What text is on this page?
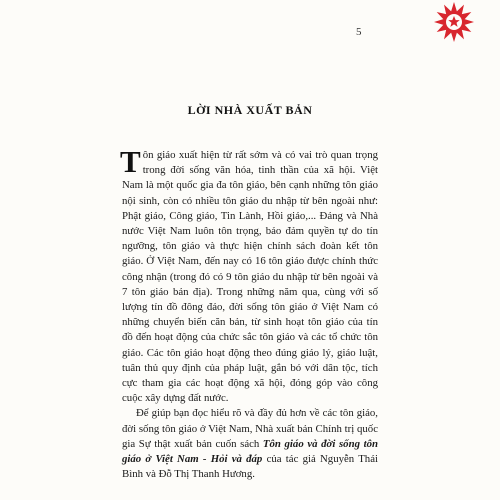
5
LỜI NHÀ XUẤT BẢN

Tôn giáo xuất hiện từ rất sớm và có vai trò quan trọng trong đời sống văn hóa, tinh thần của xã hội. Việt Nam là một quốc gia đa tôn giáo, bên cạnh những tôn giáo nội sinh, còn có nhiều tôn giáo du nhập từ bên ngoài như: Phật giáo, Công giáo, Tin Lành, Hồi giáo,... Đảng và Nhà nước Việt Nam luôn tôn trọng, bảo đảm quyền tự do tín ngưỡng, tôn giáo và thực hiện chính sách đoàn kết tôn giáo. Ở Việt Nam, đến nay có 16 tôn giáo được chính thức công nhận (trong đó có 9 tôn giáo du nhập từ bên ngoài và 7 tôn giáo bản địa). Trong những năm qua, cùng với số lượng tín đồ đông đảo, đời sống tôn giáo ở Việt Nam có những chuyển biến căn bản, từ sinh hoạt tôn giáo của tín đồ đến hoạt động của chức sắc tôn giáo và các tổ chức tôn giáo. Các tôn giáo hoạt động theo đúng giáo lý, giáo luật, tuân thủ quy định của pháp luật, gắn bó với dân tộc, tích cực tham gia các hoạt động xã hội, đóng góp vào công cuộc xây dựng đất nước.

Để giúp bạn đọc hiểu rõ và đầy đủ hơn về các tôn giáo, đời sống tôn giáo ở Việt Nam, Nhà xuất bản Chính trị quốc gia Sự thật xuất bản cuốn sách Tôn giáo và đời sống tôn giáo ở Việt Nam - Hỏi và đáp của tác giả Nguyễn Thái Bình và Đỗ Thị Thanh Hương.
